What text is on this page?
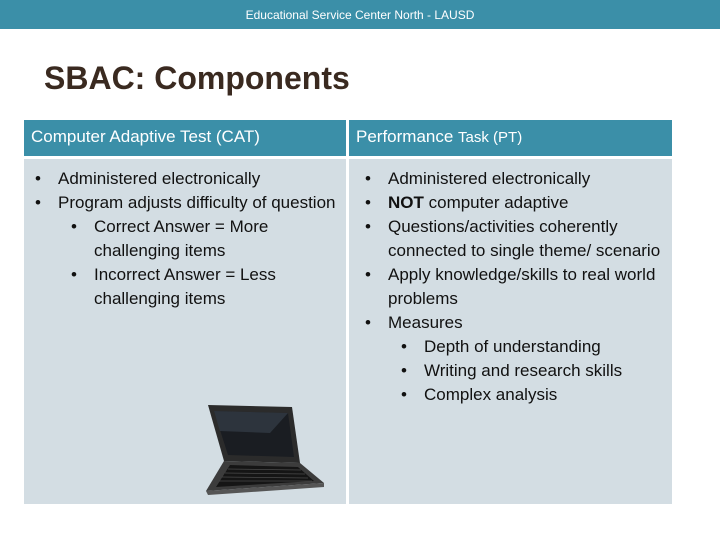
Educational Service Center North - LAUSD
SBAC: Components
Computer Adaptive Test (CAT)	Performance Task (PT)
• Administered electronically
• Program adjusts difficulty of question
• Correct Answer = More challenging items
• Incorrect Answer = Less challenging items
• Administered electronically
• NOT computer adaptive
• Questions/activities coherently connected to single theme/ scenario
• Apply knowledge/skills to real world problems
• Measures
• Depth of understanding
• Writing and research skills
• Complex analysis
